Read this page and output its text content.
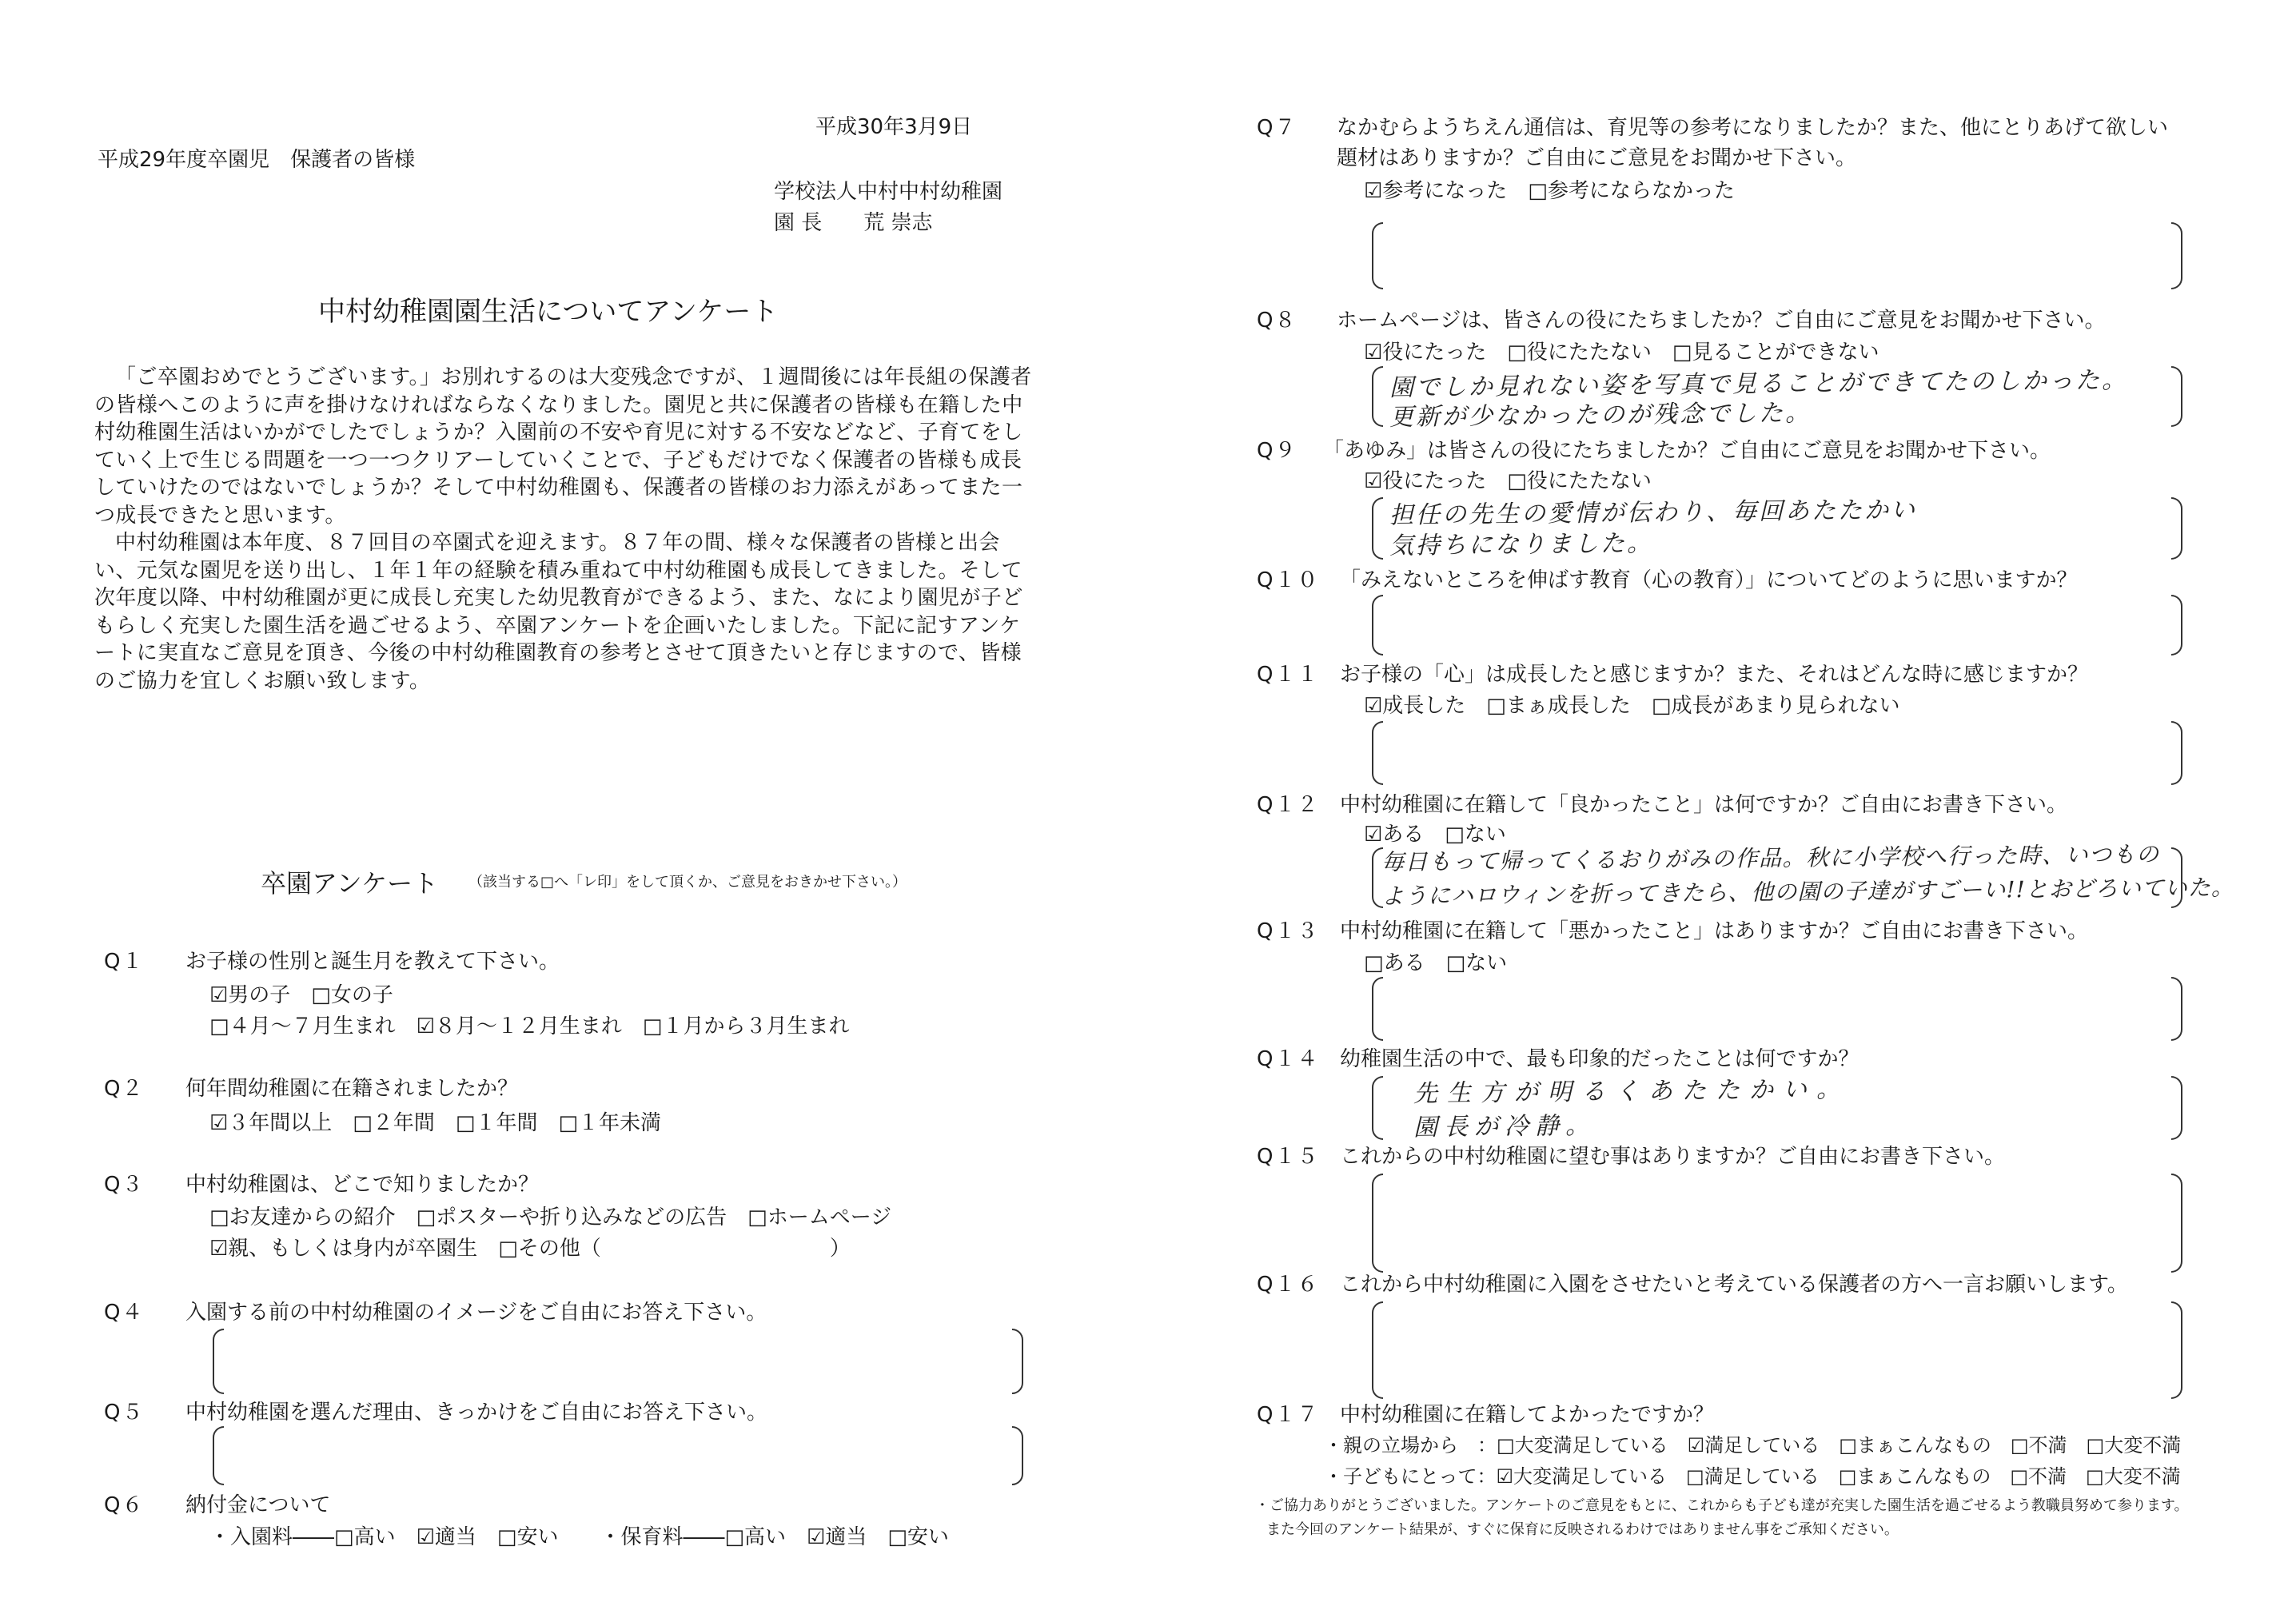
平成30年3月9日
平成29年度卒園児　保護者の皆様
学校法人中村中村幼稚園
園 長　　荒 崇志
中村幼稚園園生活についてアンケート

「ご卒園おめでとうございます。」お別れするのは大変残念ですが、１週間後には年長組の保護者の皆様へこのように声を掛けなければならなくなりました。園児と共に保護者の皆様も在籍した中村幼稚園生活はいかがでしたでしょうか？入園前の不安や育児に対する不安などなど、子育てをしていく上で生じる問題を一つ一つクリアーしていくことで、子どもだけでなく保護者の皆様も成長していけたのではないでしょうか？そして中村幼稚園も、保護者の皆様のお力添えがあってまた一つ成長できたと思います。

中村幼稚園は本年度、８７回目の卒園式を迎えます。８７年の間、様々な保護者の皆様と出会い、元気な園児を送り出し、１年１年の経験を積み重ねて中村幼稚園も成長してきました。そして次年度以降、中村幼稚園が更に成長し充実した幼児教育ができるよう、また、なにより園児が子どもらしく充実した園生活を過ごせるよう、卒園アンケートを企画いたしました。下記に記すアンケートに実直なご意見を頂き、今後の中村幼稚園教育の参考とさせて頂きたいと存じますので、皆様のご協力を宜しくお願い致します。

卒園アンケート （該当する□へ「レ印」をして頂くか、ご意見をおきかせ下さい。）
Q１ お子様の性別と誕生月を教えて下さい。
☑男の子　□女の子
□４月〜７月生まれ　☑８月〜１２月生まれ　□１月から３月生まれ
Q２ 何年間幼稚園に在籍されましたか？
☑３年間以上　□２年間　□１年間　□１年未満
Q３ 中村幼稚園は、どこで知りましたか？
□お友達からの紹介　□ポスターや折り込みなどの広告　□ホームページ
☑親、もしくは身内が卒園生　□その他（　　　　　　　　　　　）
Q４ 入園する前の中村幼稚園のイメージをご自由にお答え下さい。
Q５ 中村幼稚園を選んだ理由、きっかけをご自由にお答え下さい。
Q６ 納付金について
・入園料――□高い　☑適当　□安い　　・保育料――□高い　☑適当　□安い
Q７ なかむらようちえん通信は、育児等の参考になりましたか？また、他にとりあげて欲しい
題材はありますか？ご自由にご意見をお聞かせ下さい。
☑参考になった　□参考にならなかった
Q８ ホームページは、皆さんの役にたちましたか？ご自由にご意見をお聞かせ下さい。
☑役にたった　□役にたたない　□見ることができない
園でしか見れない姿を写真で見ることができてたのしかった。
更新が少なかったのが残念でした。
Q９ 「あゆみ」は皆さんの役にたちましたか？ご自由にご意見をお聞かせ下さい。
☑役にたった　□役にたたない
担任の先生の愛情が伝わり、毎回あたたかい
気持ちになりました。
Q１０ 「みえないところを伸ばす教育（心の教育）」についてどのように思いますか？
Q１１ お子様の「心」は成長したと感じますか？また、それはどんな時に感じますか？
☑成長した　□まぁ成長した　□成長があまり見られない
Q１２ 中村幼稚園に在籍して「良かったこと」は何ですか？ご自由にお書き下さい。
☑ある　□ない
毎日もって帰ってくるおりがみの作品。秋に小学校へ行った時、いつもの
ようにハロウィンを折ってきたら、他の園の子達がすごーい!!とおどろいていた。
Q１３ 中村幼稚園に在籍して「悪かったこと」はありますか？ご自由にお書き下さい。
□ある　□ない
Q１４ 幼稚園生活の中で、最も印象的だったことは何ですか？
先生方が明るくあたたかい。
園長が冷静。
Q１５ これからの中村幼稚園に望む事はありますか？ご自由にお書き下さい。
Q１６ これから中村幼稚園に入園をさせたいと考えている保護者の方へ一言お願いします。
Q１７ 中村幼稚園に在籍してよかったですか？
・親の立場から　：□大変満足している　☑満足している　□まぁこんなもの　□不満　□大変不満
・子どもにとって：☑大変満足している　□満足している　□まぁこんなもの　□不満　□大変不満
・ご協力ありがとうございました。アンケートのご意見をもとに、これからも子ども達が充実した園生活を過ごせるよう教職員努めて参ります。
また今回のアンケート結果が、すぐに保育に反映されるわけではありません事をご承知ください。
